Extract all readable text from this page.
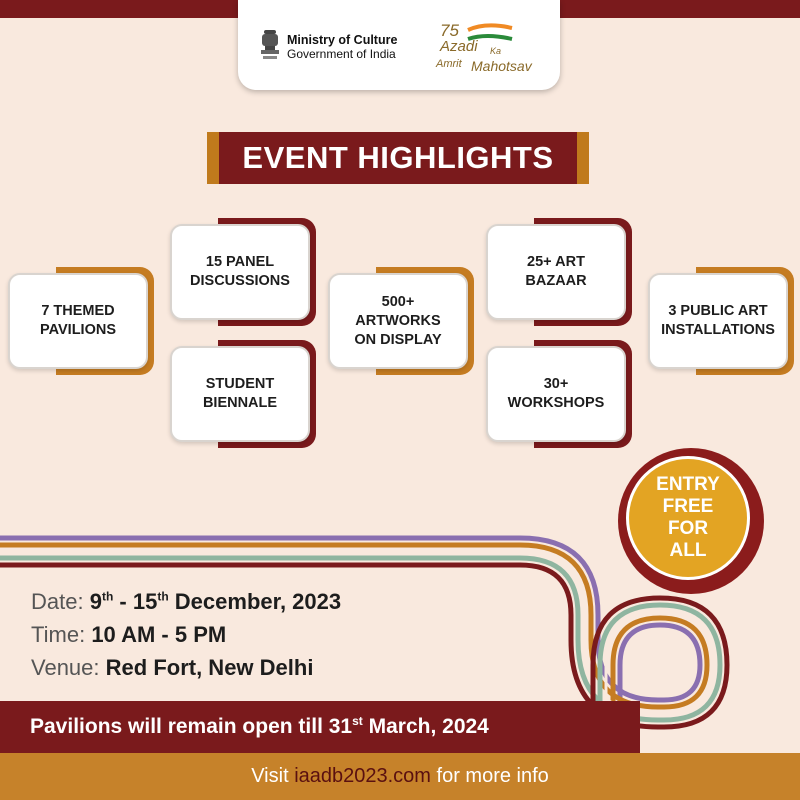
Ministry of Culture
Government of India
75
Azadi Ka
Amrit Mahotsav
EVENT HIGHLIGHTS
7 THEMED PAVILIONS
15 PANEL DISCUSSIONS
STUDENT BIENNALE
500+ ARTWORKS ON DISPLAY
25+ ART BAZAAR
30+ WORKSHOPS
3 PUBLIC ART INSTALLATIONS
ENTRY FREE FOR ALL
Date: 9th - 15th December, 2023
Time: 10 AM - 5 PM
Venue: Red Fort, New Delhi
Pavilions will remain open till 31st March, 2024
Visit iaadb2023.com for more info
